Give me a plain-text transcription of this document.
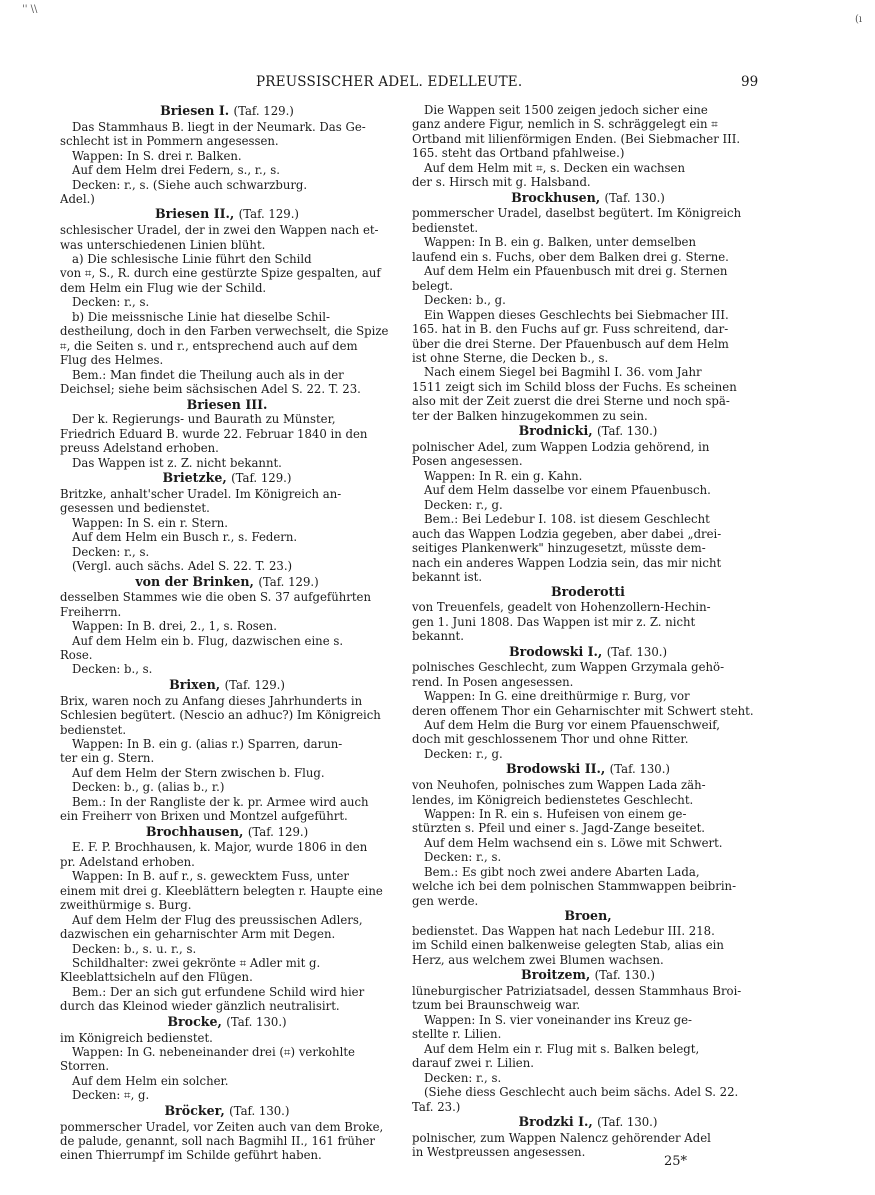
'' \\
(ı
PREUSSISCHER ADEL. EDELLEUTE.	99
Briesen I. (Taf. 129.)
Das Stammhaus B. liegt in der Neumark. Das Ge-
schlecht ist in Pommern angesessen.
Wappen: In S. drei r. Balken.
Auf dem Helm drei Federn, s., r., s.
Decken: r., s. (Siehe auch schwarzburg.
Adel.)
Briesen II., (Taf. 129.)
schlesischer Uradel, der in zwei den Wappen nach et-
was unterschiedenen Linien blüht.
a) Die schlesische Linie führt den Schild
von ⌗, S., R. durch eine gestürzte Spize gespalten, auf
dem Helm ein Flug wie der Schild.
Decken: r., s.
b) Die meissnische Linie hat dieselbe Schil-
destheilung, doch in den Farben verwechselt, die Spize
⌗, die Seiten s. und r., entsprechend auch auf dem
Flug des Helmes.
Bem.: Man findet die Theilung auch als in der
Deichsel; siehe beim sächsischen Adel S. 22. T. 23.
Briesen III.
Der k. Regierungs- und Baurath zu Münster,
Friedrich Eduard B. wurde 22. Februar 1840 in den
preuss Adelstand erhoben.
Das Wappen ist z. Z. nicht bekannt.
Brietzke, (Taf. 129.)
Britzke, anhalt'scher Uradel. Im Königreich an-
gesessen und bedienstet.
Wappen: In S. ein r. Stern.
Auf dem Helm ein Busch r., s. Federn.
Decken: r., s.
(Vergl. auch sächs. Adel S. 22. T. 23.)
von der Brinken, (Taf. 129.)
desselben Stammes wie die oben S. 37 aufgeführten
Freiherrn.
Wappen: In B. drei, 2., 1, s. Rosen.
Auf dem Helm ein b. Flug, dazwischen eine s.
Rose.
Decken: b., s.
Brixen, (Taf. 129.)
Brix, waren noch zu Anfang dieses Jahrhunderts in
Schlesien begütert. (Nescio an adhuc?) Im Königreich
bedienstet.
Wappen: In B. ein g. (alias r.) Sparren, darun-
ter ein g. Stern.
Auf dem Helm der Stern zwischen b. Flug.
Decken: b., g. (alias b., r.)
Bem.: In der Rangliste der k. pr. Armee wird auch
ein Freiherr von Brixen und Montzel aufgeführt.
Brochhausen, (Taf. 129.)
E. F. P. Brochhausen, k. Major, wurde 1806 in den
pr. Adelstand erhoben.
Wappen: In B. auf r., s. gewecktem Fuss, unter
einem mit drei g. Kleeblättern belegten r. Haupte eine
zweithürmige s. Burg.
Auf dem Helm der Flug des preussischen Adlers,
dazwischen ein geharnischter Arm mit Degen.
Decken: b., s. u. r., s.
Schildhalter: zwei gekrönte ⌗ Adler mit g.
Kleeblattsicheln auf den Flügen.
Bem.: Der an sich gut erfundene Schild wird hier
durch das Kleinod wieder gänzlich neutralisirt.
Brocke, (Taf. 130.)
im Königreich bedienstet.
Wappen: In G. nebeneinander drei (⌗) verkohlte
Storren.
Auf dem Helm ein solcher.
Decken: ⌗, g.
Bröcker, (Taf. 130.)
pommerscher Uradel, vor Zeiten auch van dem Broke,
de palude, genannt, soll nach Bagmihl II., 161 früher
einen Thierrumpf im Schilde geführt haben.
Die Wappen seit 1500 zeigen jedoch sicher eine
ganz andere Figur, nemlich in S. schräggelegt ein ⌗
Ortband mit lilienförmigen Enden. (Bei Siebmacher III.
165. steht das Ortband pfahlweise.)
Auf dem Helm mit ⌗, s. Decken ein wachsen
der s. Hirsch mit g. Halsband.
Brockhusen, (Taf. 130.)
pommerscher Uradel, daselbst begütert. Im Königreich
bedienstet.
Wappen: In B. ein g. Balken, unter demselben
laufend ein s. Fuchs, ober dem Balken drei g. Sterne.
Auf dem Helm ein Pfauenbusch mit drei g. Sternen
belegt.
Decken: b., g.
Ein Wappen dieses Geschlechts bei Siebmacher III.
165. hat in B. den Fuchs auf gr. Fuss schreitend, dar-
über die drei Sterne. Der Pfauenbusch auf dem Helm
ist ohne Sterne, die Decken b., s.
Nach einem Siegel bei Bagmihl I. 36. vom Jahr
1511 zeigt sich im Schild bloss der Fuchs. Es scheinen
also mit der Zeit zuerst die drei Sterne und noch spä-
ter der Balken hinzugekommen zu sein.
Brodnicki, (Taf. 130.)
polnischer Adel, zum Wappen Lodzia gehörend, in
Posen angesessen.
Wappen: In R. ein g. Kahn.
Auf dem Helm dasselbe vor einem Pfauenbusch.
Decken: r., g.
Bem.: Bei Ledebur I. 108. ist diesem Geschlecht
auch das Wappen Lodzia gegeben, aber dabei „drei-
seitiges Plankenwerk" hinzugesetzt, müsste dem-
nach ein anderes Wappen Lodzia sein, das mir nicht
bekannt ist.
Broderotti
von Treuenfels, geadelt von Hohenzollern-Hechin-
gen 1. Juni 1808. Das Wappen ist mir z. Z. nicht
bekannt.
Brodowski I., (Taf. 130.)
polnisches Geschlecht, zum Wappen Grzymala gehö-
rend. In Posen angesessen.
Wappen: In G. eine dreithürmige r. Burg, vor
deren offenem Thor ein Geharnischter mit Schwert steht.
Auf dem Helm die Burg vor einem Pfauenschweif,
doch mit geschlossenem Thor und ohne Ritter.
Decken: r., g.
Brodowski II., (Taf. 130.)
von Neuhofen, polnisches zum Wappen Lada zäh-
lendes, im Königreich bedienstetes Geschlecht.
Wappen: In R. ein s. Hufeisen von einem ge-
stürzten s. Pfeil und einer s. Jagd-Zange beseitet.
Auf dem Helm wachsend ein s. Löwe mit Schwert.
Decken: r., s.
Bem.: Es gibt noch zwei andere Abarten Lada,
welche ich bei dem polnischen Stammwappen beibrin-
gen werde.
Broen,
bedienstet. Das Wappen hat nach Ledebur III. 218.
im Schild einen balkenweise gelegten Stab, alias ein
Herz, aus welchem zwei Blumen wachsen.
Broitzem, (Taf. 130.)
lüneburgischer Patriziatsadel, dessen Stammhaus Broi-
tzum bei Braunschweig war.
Wappen: In S. vier voneinander ins Kreuz ge-
stellte r. Lilien.
Auf dem Helm ein r. Flug mit s. Balken belegt,
darauf zwei r. Lilien.
Decken: r., s.
(Siehe diess Geschlecht auch beim sächs. Adel S. 22.
Taf. 23.)
Brodzki I., (Taf. 130.)
polnischer, zum Wappen Nalencz gehörender Adel
in Westpreussen angesessen.
25*
